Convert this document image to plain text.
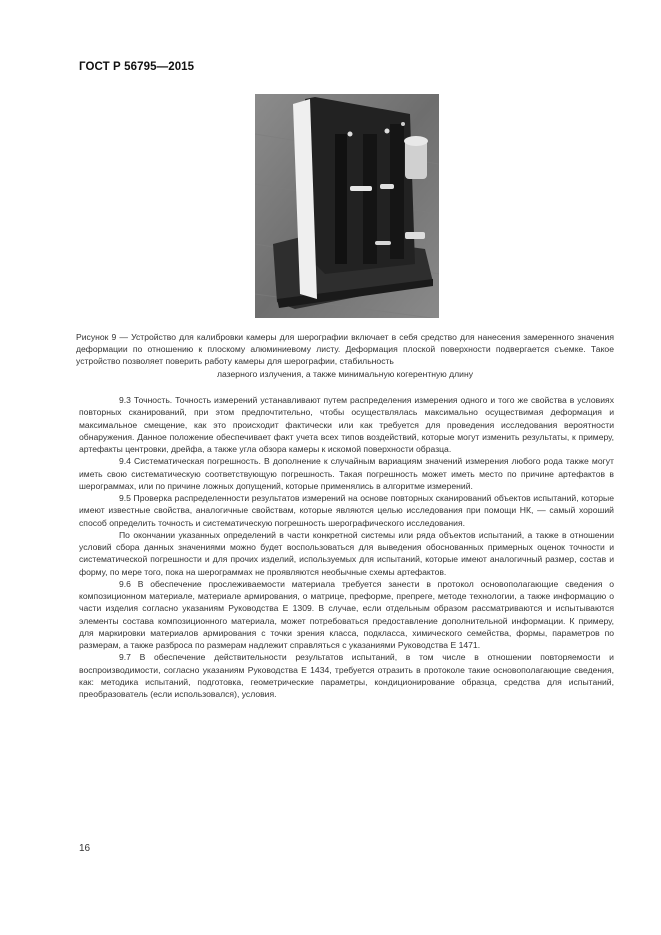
ГОСТ Р 56795—2015
Рисунок 9 — Устройство для калибровки камеры для шерографии включает в себя средство для нанесения замеренного значения деформации по отношению к плоскому алюминиевому листу. Деформация плоской поверхности подвергается съемке. Такое устройство позволяет поверить работу камеры для шерографии, стабильность
лазерного излучения, а также минимальную когерентную длину

9.3 Точность. Точность измерений устанавливают путем распределения измерения одного и того же свойства в условиях повторных сканирований, при этом предпочтительно, чтобы осуществлялась максимально осуществимая деформация и максимальное смещение, как это происходит фактически или как требуется для проведения исследования вероятности обнаружения. Данное положение обеспечивает факт учета всех типов воздействий, которые могут изменить результаты, к примеру, артефакты центровки, дрейфа, а также угла обзора камеры к искомой поверхности образца.

9.4 Систематическая погрешность. В дополнение к случайным вариациям значений измерения любого рода также могут иметь свою систематическую соответствующую погрешность. Такая погрешность может иметь место по причине артефактов в шерограммах, или по причине ложных допущений, которые применялись в алгоритме измерений.

9.5 Проверка распределенности результатов измерений на основе повторных сканирований объектов испытаний, которые имеют известные свойства, аналогичные свойствам, которые являются целью исследования при помощи НК, — самый хороший способ определить точность и систематическую погрешность шерографического исследования.

По окончании указанных определений в части конкретной системы или ряда объектов испытаний, а также в отношении условий сбора данных значениями можно будет воспользоваться для выведения обоснованных примерных оценок точности и систематической погрешности и для прочих изделий, используемых для испытаний, которые имеют аналогичный размер, состав и форму, по мере того, пока на шерограммах не проявляются необычные схемы артефактов.

9.6 В обеспечение прослеживаемости материала требуется занести в протокол основополагающие сведения о композиционном материале, материале армирования, о матрице, преформе, препреге, методе технологии, а также информацию о части изделия согласно указаниям Руководства Е 1309. В случае, если отдельным образом рассматриваются и испытываются элементы состава композиционного материала, может потребоваться предоставление дополнительной информации. К примеру, для маркировки материалов армирования с точки зрения класса, подкласса, химического семейства, формы, параметров по размерам, а также разброса по размерам надлежит справляться с указаниями Руководства Е 1471.

9.7 В обеспечение действительности результатов испытаний, в том числе в отношении повторяемости и воспроизводимости, согласно указаниям Руководства Е 1434, требуется отразить в протоколе такие основополагающие сведения, как: методика испытаний, подготовка, геометрические параметры, кондиционирование образца, средства для испытаний, преобразователь (если использовался), условия.

16
